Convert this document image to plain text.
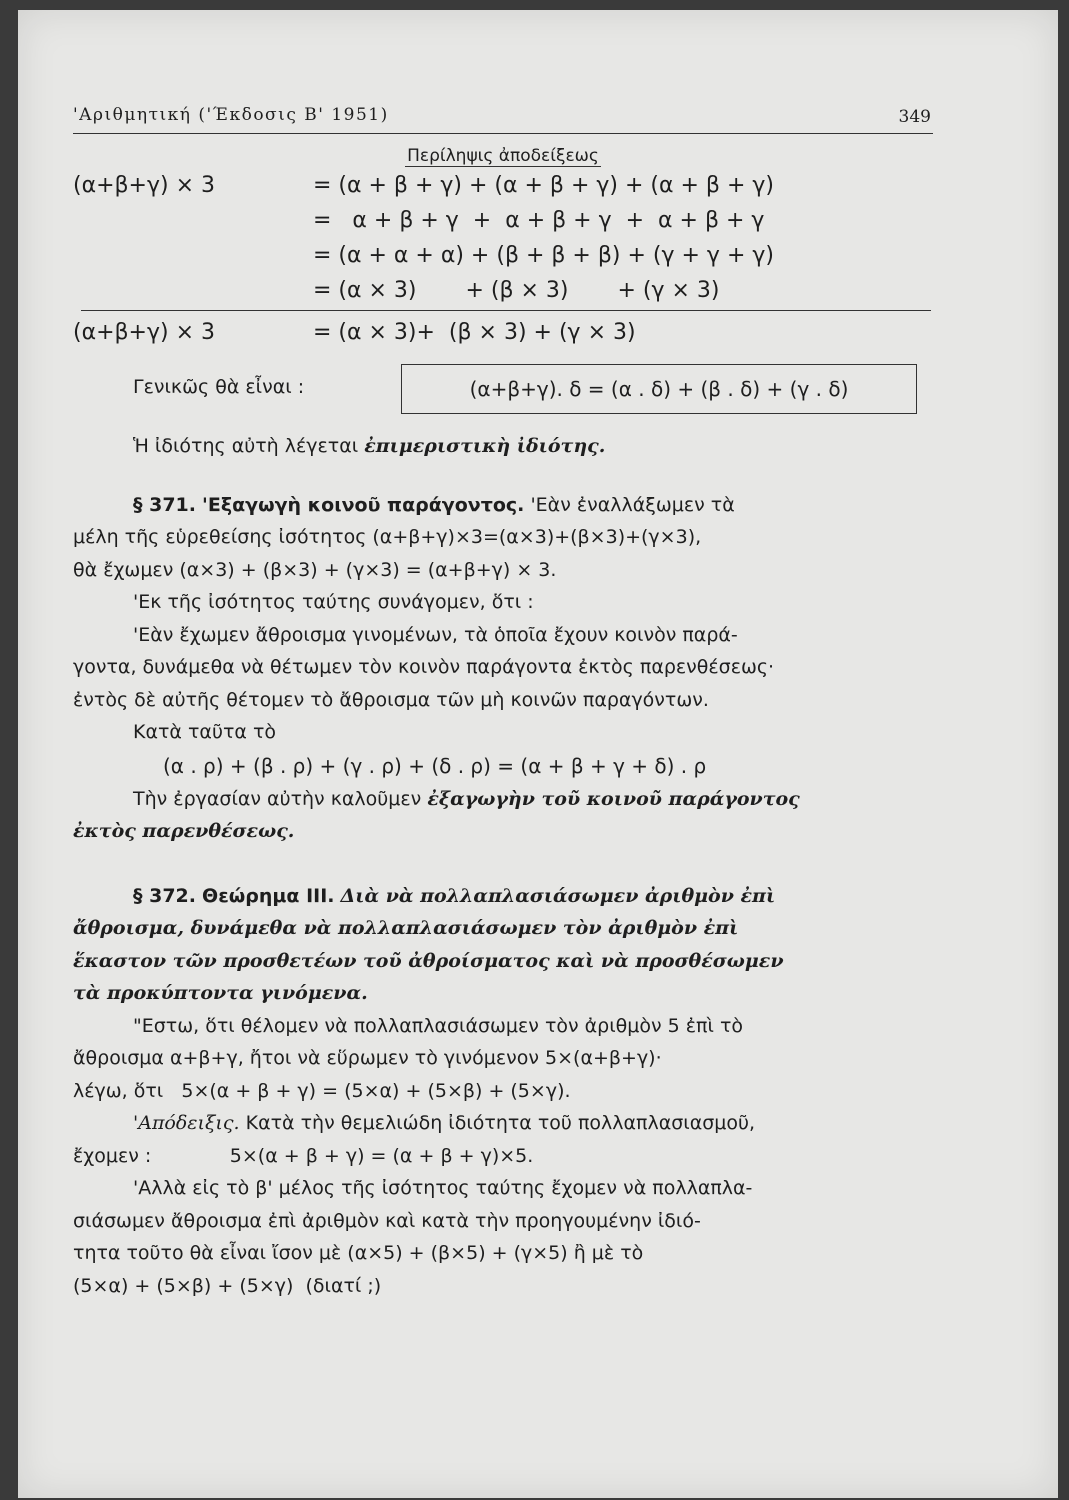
'Αριθμητική ('Έκδοσις Β' 1951)	349
Περίληψις ἀποδείξεως
(α+β+γ) × 3	= (α + β + γ) + (α + β + γ) + (α + β + γ)
=   α + β + γ  +  α + β + γ  +  α + β + γ
= (α + α + α) + (β + β + β) + (γ + γ + γ)
= (α × 3)       + (β × 3)       + (γ × 3)
(α+β+γ) × 3	= (α × 3)+  (β × 3) + (γ × 3)
Γενικῶς θὰ εἶναι :	(α+β+γ). δ = (α . δ) + (β . δ) + (γ . δ)
Ἡ ἰδιότης αὐτὴ λέγεται ἐπιμεριστικὴ ἰδιότης.
§ 371. 'Εξαγωγὴ κοινοῦ παράγοντος. 'Εὰν ἐναλλάξωμεν τὰ
μέλη τῆς εὑρεθείσης ἰσότητος (α+β+γ)×3=(α×3)+(β×3)+(γ×3),
θὰ ἔχωμεν (α×3) + (β×3) + (γ×3) = (α+β+γ) × 3.
'Εκ τῆς ἰσότητος ταύτης συνάγομεν, ὅτι :
'Εὰν ἔχωμεν ἄθροισμα γινομένων, τὰ ὁποῖα ἔχουν κοινὸν παρά-
γοντα, δυνάμεθα νὰ θέτωμεν τὸν κοινὸν παράγοντα ἐκτὸς παρενθέσεως·
ἐντὸς δὲ αὐτῆς θέτομεν τὸ ἄθροισμα τῶν μὴ κοινῶν παραγόντων.
Κατὰ ταῦτα τὸ
(α . ρ) + (β . ρ) + (γ . ρ) + (δ . ρ) = (α + β + γ + δ) . ρ
Τὴν ἐργασίαν αὐτὴν καλοῦμεν ἐξαγωγὴν τοῦ κοινοῦ παράγοντος
ἐκτὸς παρενθέσεως.
§ 372. Θεώρημα ΙΙΙ. Διὰ νὰ πολλαπλασιάσωμεν ἀριθμὸν ἐπὶ
ἄθροισμα, δυνάμεθα νὰ πολλαπλασιάσωμεν τὸν ἀριθμὸν ἐπὶ
ἕκαστον τῶν προσθετέων τοῦ ἀθροίσματος καὶ νὰ προσθέσωμεν
τὰ προκύπτοντα γινόμενα.
"Εστω, ὅτι θέλομεν νὰ πολλαπλασιάσωμεν τὸν ἀριθμὸν 5 ἐπὶ τὸ
ἄθροισμα α+β+γ, ἤτοι νὰ εὕρωμεν τὸ γινόμενον 5×(α+β+γ)·
λέγω, ὅτι   5×(α + β + γ) = (5×α) + (5×β) + (5×γ).
'Απόδειξις. Κατὰ τὴν θεμελιώδη ἰδιότητα τοῦ πολλαπλασιασμοῦ,
ἔχομεν :             5×(α + β + γ) = (α + β + γ)×5.
'Αλλὰ εἰς τὸ β' μέλος τῆς ἰσότητος ταύτης ἔχομεν νὰ πολλαπλα-
σιάσωμεν ἄθροισμα ἐπὶ ἀριθμὸν καὶ κατὰ τὴν προηγουμένην ἰδιό-
τητα τοῦτο θὰ εἶναι ἴσον μὲ (α×5) + (β×5) + (γ×5) ἢ μὲ τὸ
(5×α) + (5×β) + (5×γ)  (διατί ;)
